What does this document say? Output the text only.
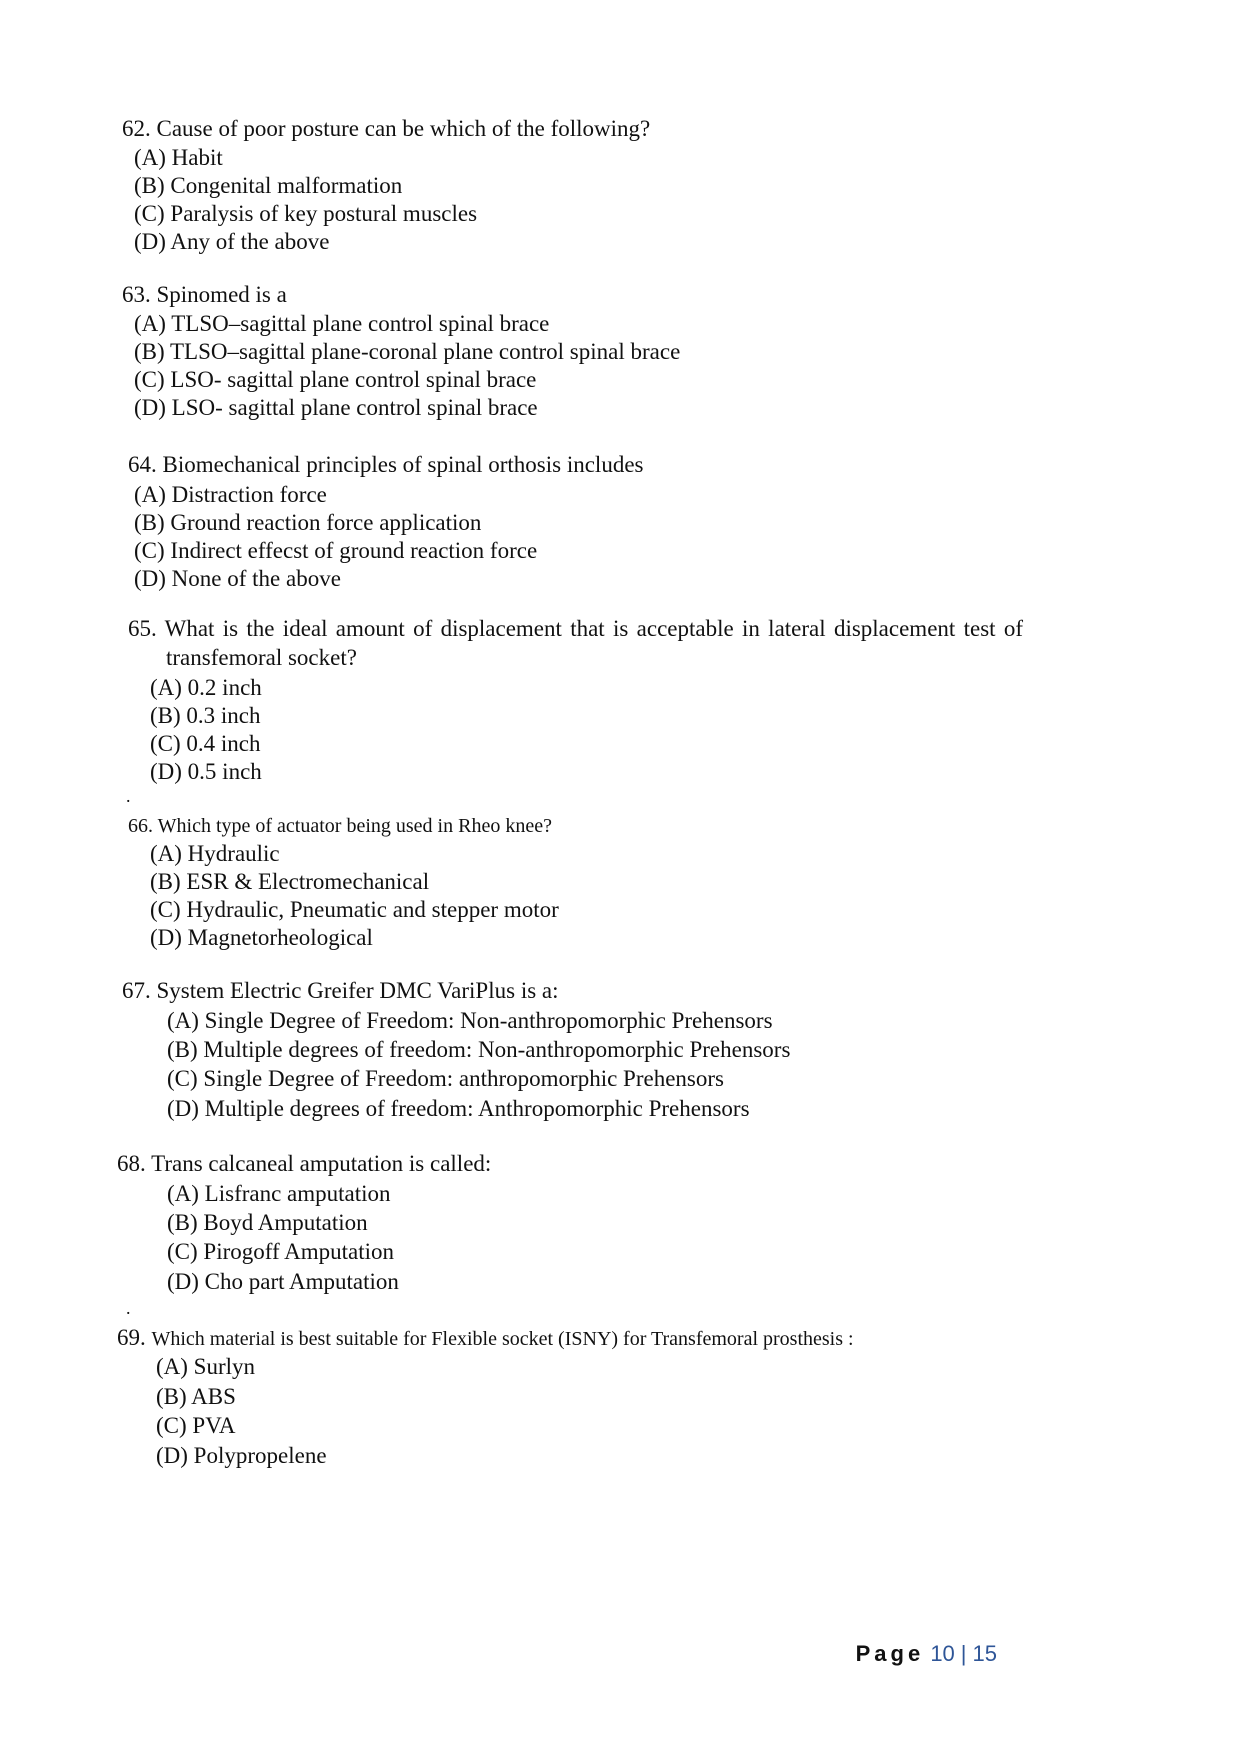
62. Cause of poor posture can be which of the following?
(A) Habit
(B) Congenital malformation
(C) Paralysis of key postural muscles
(D) Any of the above
63. Spinomed is a
(A) TLSO–sagittal plane control spinal brace
(B) TLSO–sagittal plane-coronal plane control spinal brace
(C) LSO- sagittal plane control spinal brace
(D) LSO- sagittal plane control spinal brace
64. Biomechanical principles of spinal orthosis includes
(A) Distraction force
(B) Ground reaction force application
(C) Indirect effecst of ground reaction force
(D) None of the above
65. What is the ideal amount of displacement that is acceptable in lateral displacement test of
transfemoral socket?
(A) 0.2 inch
(B) 0.3 inch
(C) 0.4 inch
(D) 0.5 inch
.
66. Which type of actuator being used in Rheo knee?
(A) Hydraulic
(B) ESR & Electromechanical
(C) Hydraulic, Pneumatic and stepper motor
(D) Magnetorheological
67. System Electric Greifer DMC VariPlus is a:
(A) Single Degree of Freedom: Non-anthropomorphic Prehensors
(B) Multiple degrees of freedom: Non-anthropomorphic Prehensors
(C) Single Degree of Freedom: anthropomorphic Prehensors
(D) Multiple degrees of freedom: Anthropomorphic Prehensors
68. Trans calcaneal amputation is called:
(A) Lisfranc amputation
(B) Boyd Amputation
(C) Pirogoff Amputation
(D) Cho part Amputation
.
69. Which material is best suitable for Flexible socket (ISNY) for Transfemoral prosthesis :
(A) Surlyn
(B) ABS
(C) PVA
(D) Polypropelene
Page 10 | 15
